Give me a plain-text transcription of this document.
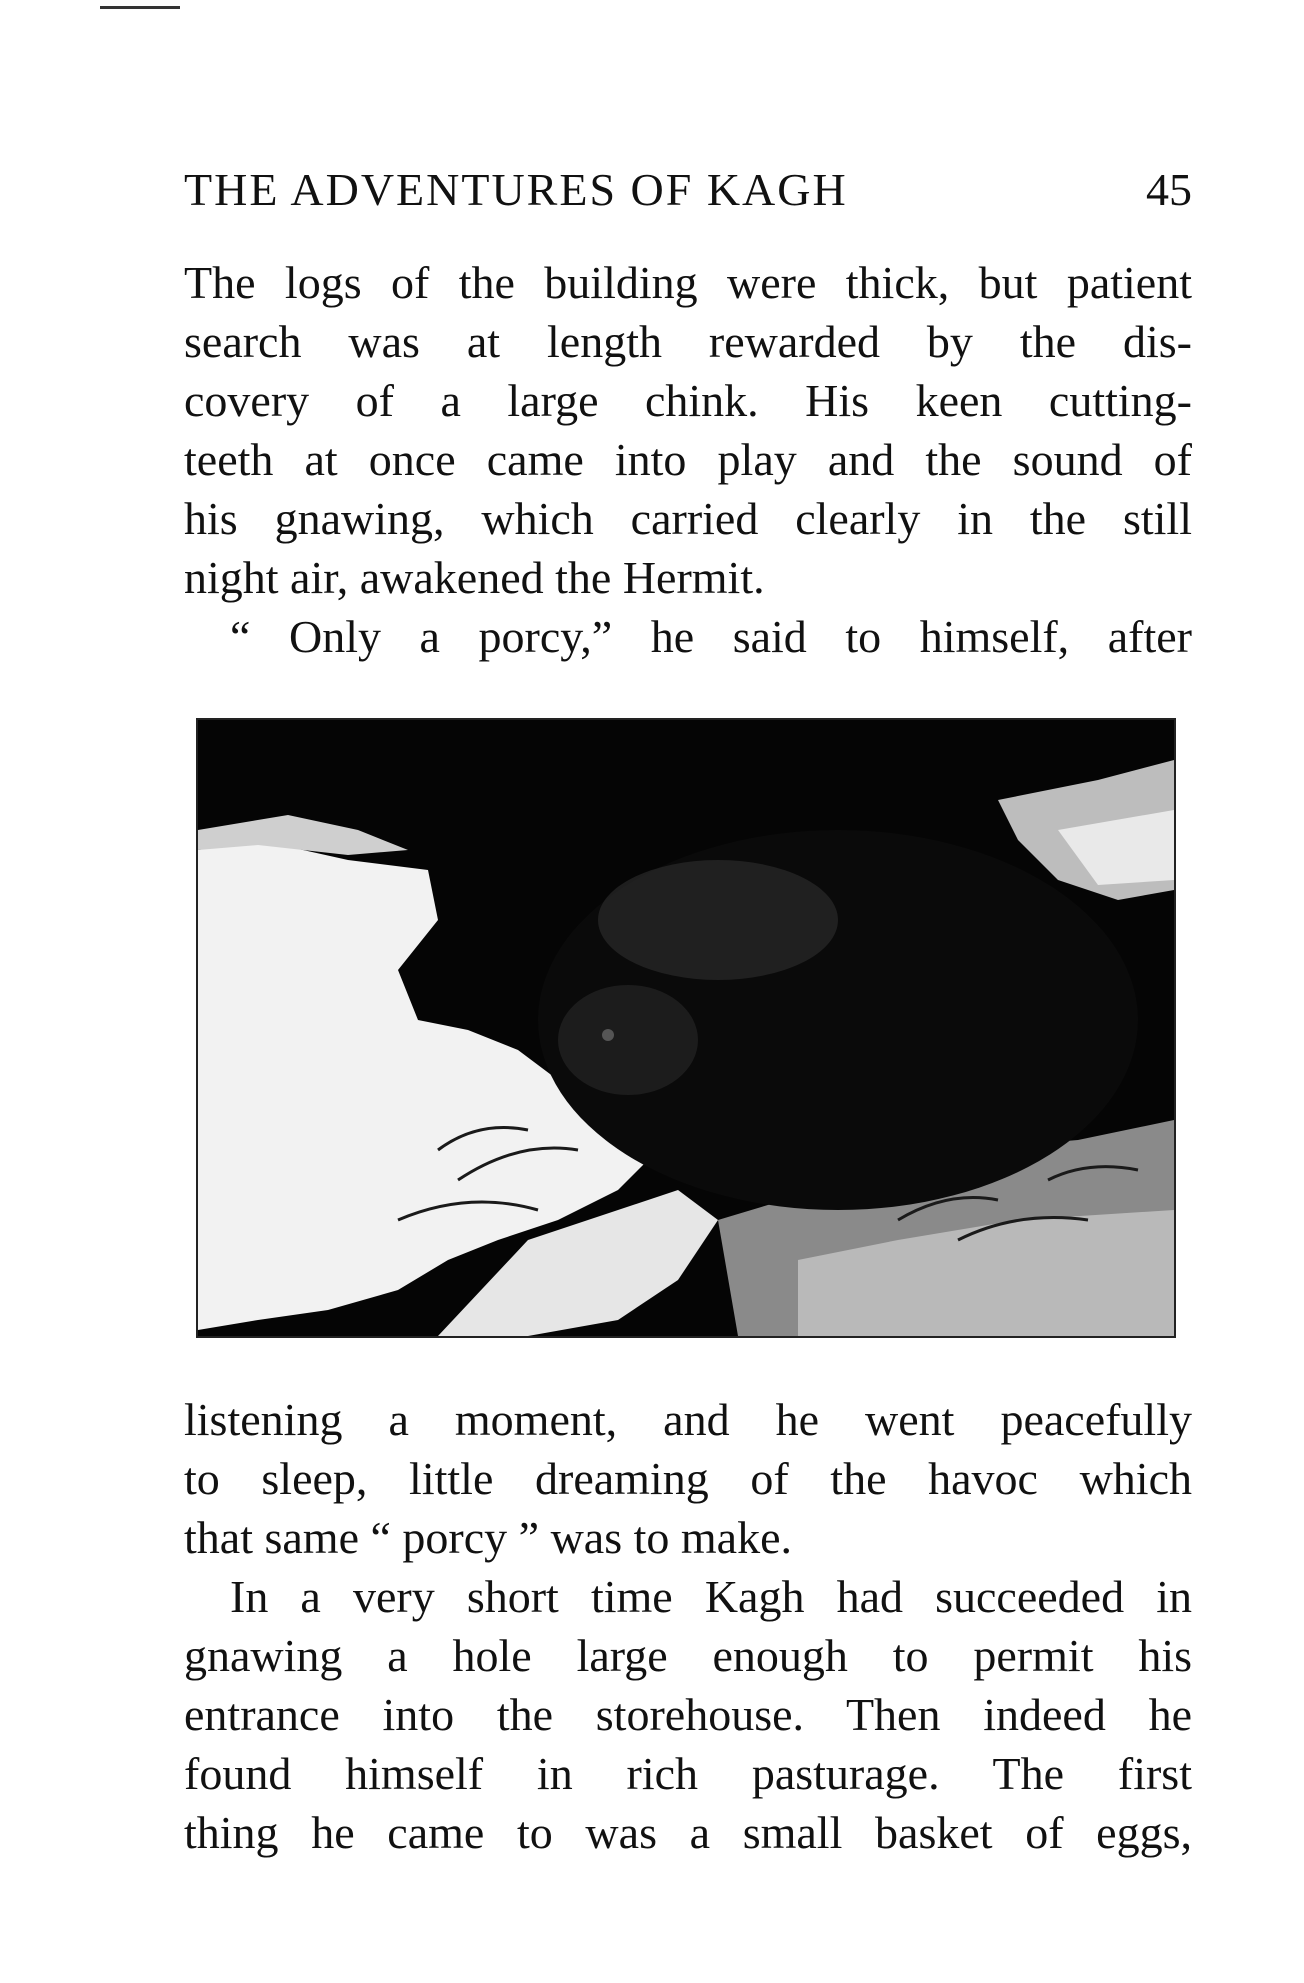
THE ADVENTURES OF KAGH	45
The logs of the building were thick, but patient
search was at length rewarded by the dis-
covery of a large chink. His keen cutting-
teeth at once came into play and the sound of
his gnawing, which carried clearly in the still
night air, awakened the Hermit.
“ Only a porcy,” he said to himself, after
listening a moment, and he went peacefully
to sleep, little dreaming of the havoc which
that same “ porcy ” was to make.
In a very short time Kagh had succeeded in
gnawing a hole large enough to permit his
entrance into the storehouse. Then indeed he
found himself in rich pasturage. The first
thing he came to was a small basket of eggs,
